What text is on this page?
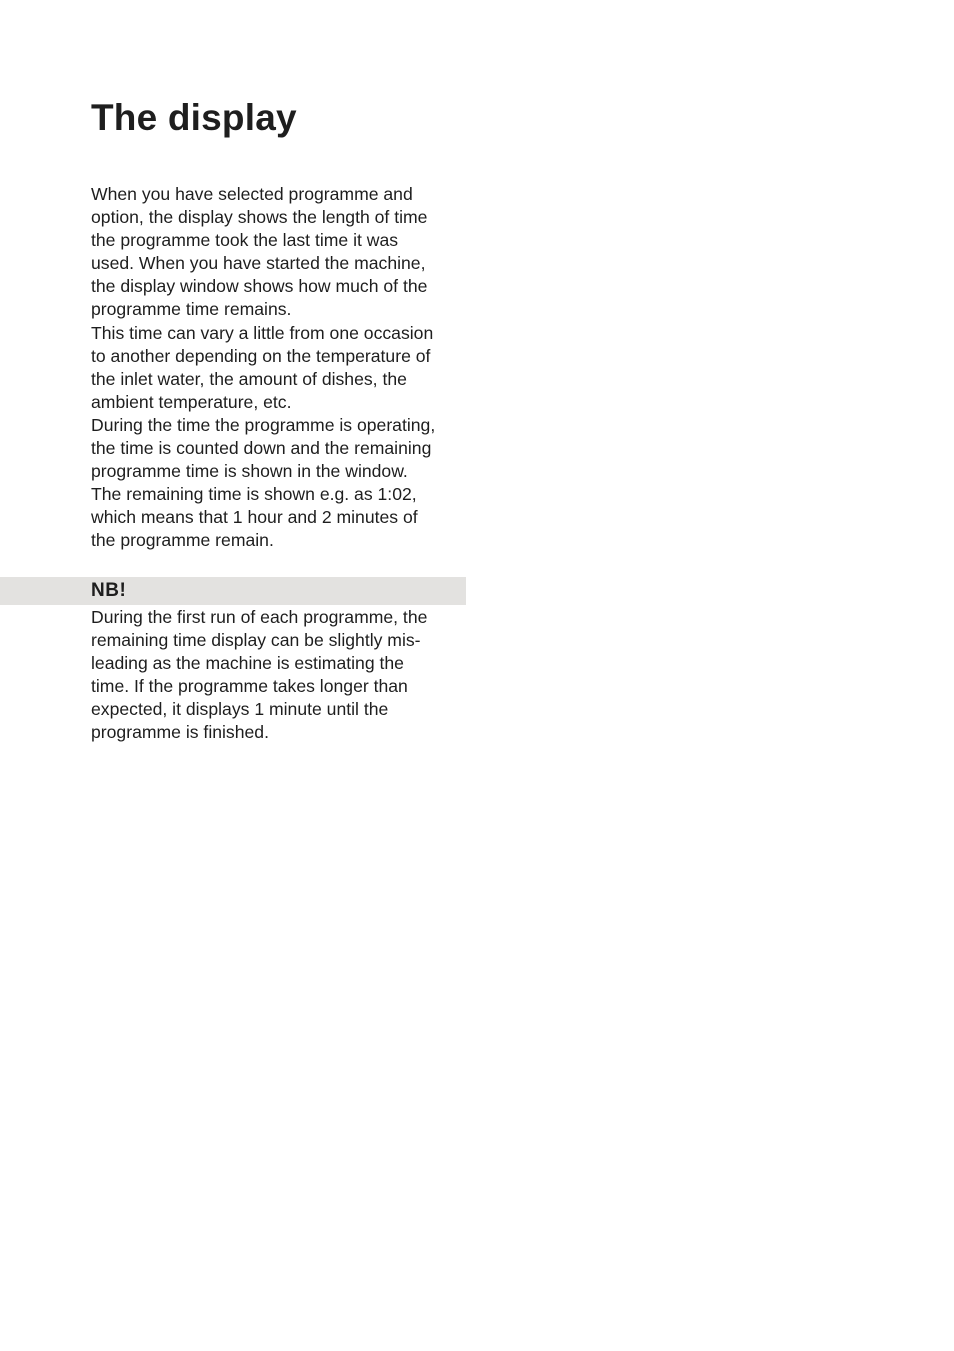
The display
When you have selected programme and
option, the display shows the length of time
the programme took the last time it was
used. When you have started the machine,
the display window shows how much of the
programme time remains.
This time can vary a little from one occasion
to another depending on the temperature of
the inlet water, the amount of dishes, the
ambient temperature, etc.
During the time the programme is operating,
the time is counted down and the remaining
programme time is shown in the window.
The remaining time is shown e.g. as 1:02,
which means that 1 hour and 2 minutes of
the programme remain.
NB!
During the first run of each programme, the
remaining time display can be slightly mis-
leading as the machine is estimating the
time. If the programme takes longer than
expected, it displays 1 minute until the
programme is finished.
